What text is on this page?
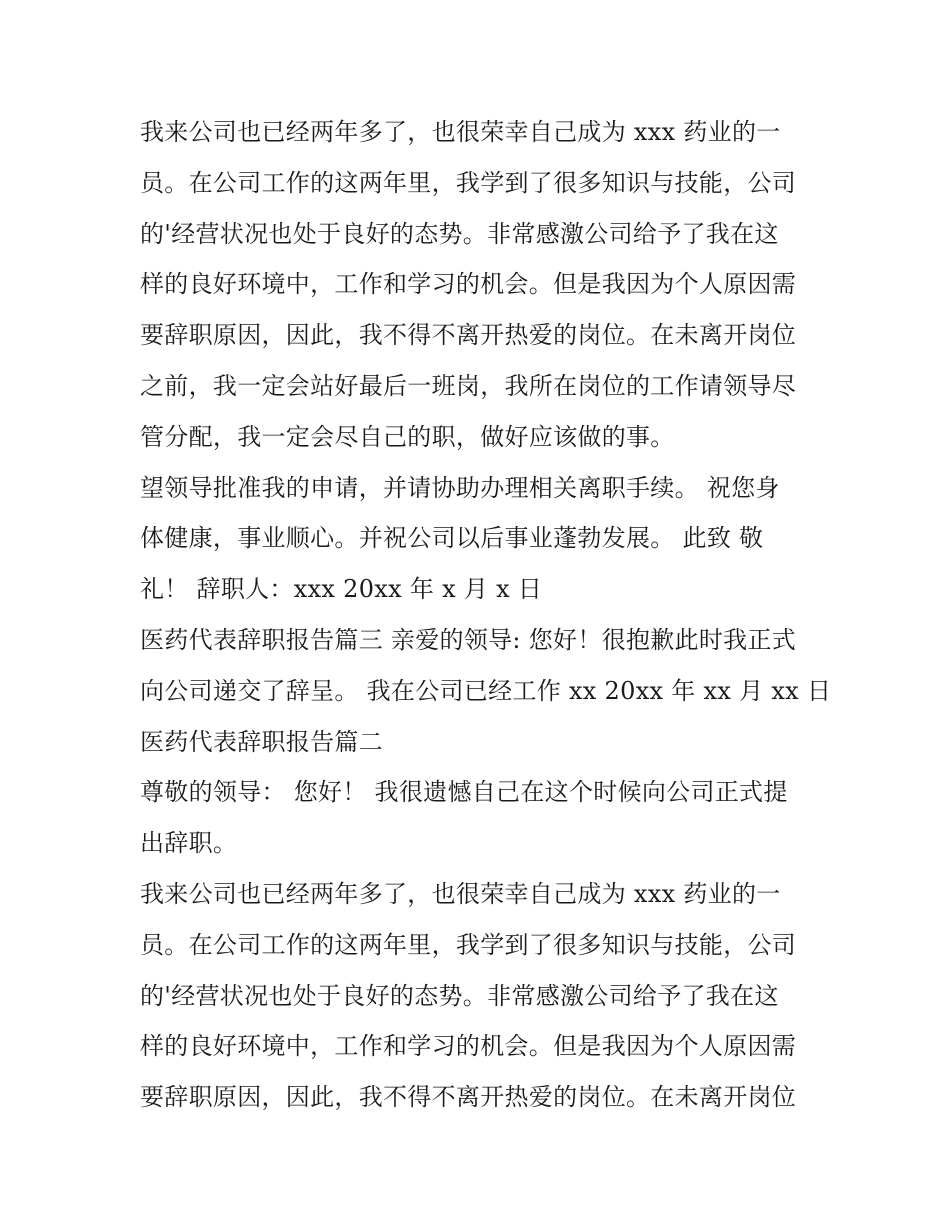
我来公司也已经两年多了，也很荣幸自己成为 xxx 药业的一
员。在公司工作的这两年里，我学到了很多知识与技能，公司
的'经营状况也处于良好的态势。非常感激公司给予了我在这
样的良好环境中，工作和学习的机会。但是我因为个人原因需
要辞职原因，因此，我不得不离开热爱的岗位。在未离开岗位
之前，我一定会站好最后一班岗，我所在岗位的工作请领导尽
管分配，我一定会尽自己的职，做好应该做的事。
望领导批准我的申请，并请协助办理相关离职手续。 祝您身
体健康，事业顺心。并祝公司以后事业蓬勃发展。 此致 敬
礼！ 辞职人：xxx 20xx 年 x 月 x 日
医药代表辞职报告篇三 亲爱的领导: 您好！很抱歉此时我正式
向公司递交了辞呈。 我在公司已经工作 xx 20xx 年 xx 月 xx 日
医药代表辞职报告篇二
尊敬的领导： 您好！ 我很遗憾自己在这个时候向公司正式提
出辞职。
我来公司也已经两年多了，也很荣幸自己成为 xxx 药业的一
员。在公司工作的这两年里，我学到了很多知识与技能，公司
的'经营状况也处于良好的态势。非常感激公司给予了我在这
样的良好环境中，工作和学习的机会。但是我因为个人原因需
要辞职原因，因此，我不得不离开热爱的岗位。在未离开岗位
